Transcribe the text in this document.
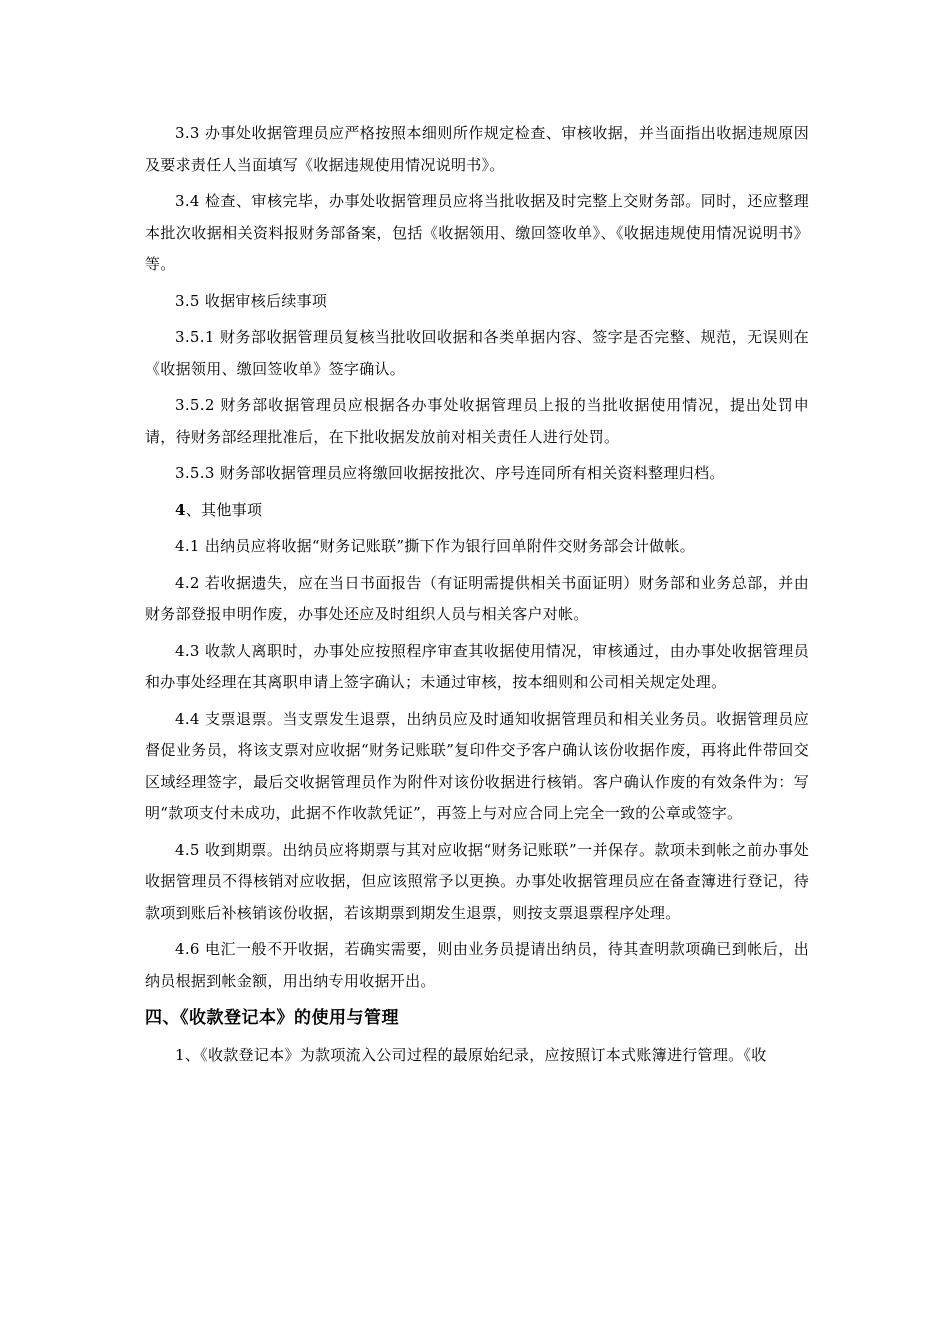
3.3 办事处收据管理员应严格按照本细则所作规定检查、审核收据，并当面指出收据违规原因及要求责任人当面填写《收据违规使用情况说明书》。

3.4 检查、审核完毕，办事处收据管理员应将当批收据及时完整上交财务部。同时，还应整理本批次收据相关资料报财务部备案，包括《收据领用、缴回签收单》、《收据违规使用情况说明书》等。

3.5 收据审核后续事项

3.5.1 财务部收据管理员复核当批收回收据和各类单据内容、签字是否完整、规范，无误则在《收据领用、缴回签收单》签字确认。

3.5.2 财务部收据管理员应根据各办事处收据管理员上报的当批收据使用情况，提出处罚申请，待财务部经理批准后，在下批收据发放前对相关责任人进行处罚。

3.5.3 财务部收据管理员应将缴回收据按批次、序号连同所有相关资料整理归档。

4、其他事项

4.1 出纳员应将收据“财务记账联”撕下作为银行回单附件交财务部会计做帐。

4.2 若收据遗失，应在当日书面报告（有证明需提供相关书面证明）财务部和业务总部，并由财务部登报申明作废，办事处还应及时组织人员与相关客户对帐。

4.3 收款人离职时，办事处应按照程序审查其收据使用情况，审核通过，由办事处收据管理员和办事处经理在其离职申请上签字确认；未通过审核，按本细则和公司相关规定处理。

4.4 支票退票。当支票发生退票，出纳员应及时通知收据管理员和相关业务员。收据管理员应督促业务员，将该支票对应收据“财务记账联”复印件交予客户确认该份收据作废，再将此件带回交区域经理签字，最后交收据管理员作为附件对该份收据进行核销。客户确认作废的有效条件为：写明“款项支付未成功，此据不作收款凭证”，再签上与对应合同上完全一致的公章或签字。

4.5 收到期票。出纳员应将期票与其对应收据“财务记账联”一并保存。款项未到帐之前办事处收据管理员不得核销对应收据，但应该照常予以更换。办事处收据管理员应在备查簿进行登记，待款项到账后补核销该份收据，若该期票到期发生退票，则按支票退票程序处理。

4.6 电汇一般不开收据，若确实需要，则由业务员提请出纳员，待其查明款项确已到帐后，出纳员根据到帐金额，用出纳专用收据开出。

四、《收款登记本》的使用与管理

1、《收款登记本》为款项流入公司过程的最原始纪录，应按照订本式账簿进行管理。《收
